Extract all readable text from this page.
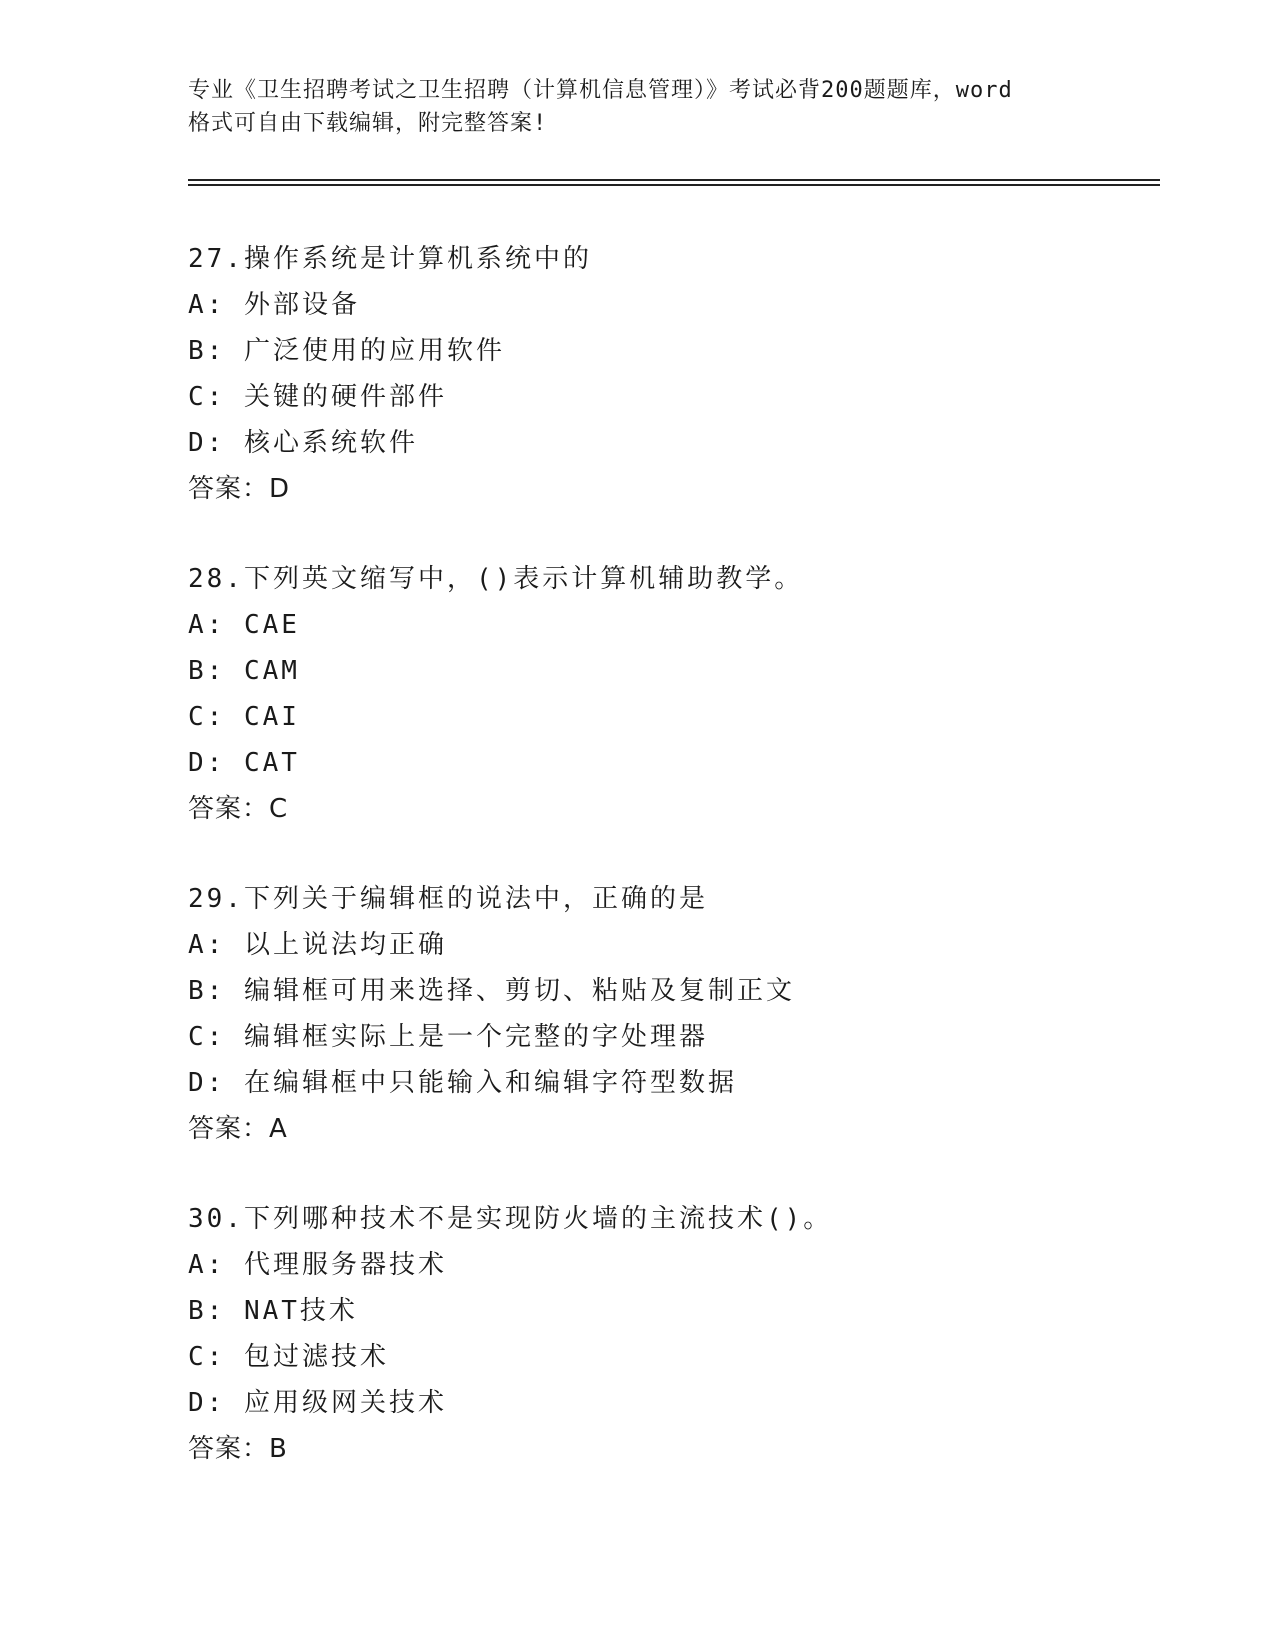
专业《卫生招聘考试之卫生招聘（计算机信息管理）》考试必背200题题库，word
格式可自由下载编辑，附完整答案!
27.操作系统是计算机系统中的
A: 外部设备
B: 广泛使用的应用软件
C: 关键的硬件部件
D: 核心系统软件
答案：D
28.下列英文缩写中，()表示计算机辅助教学。
A: CAE
B: CAM
C: CAI
D: CAT
答案：C
29.下列关于编辑框的说法中，正确的是
A: 以上说法均正确
B: 编辑框可用来选择、剪切、粘贴及复制正文
C: 编辑框实际上是一个完整的字处理器
D: 在编辑框中只能输入和编辑字符型数据
答案：A
30.下列哪种技术不是实现防火墙的主流技术()。
A: 代理服务器技术
B: NAT技术
C: 包过滤技术
D: 应用级网关技术
答案：B
